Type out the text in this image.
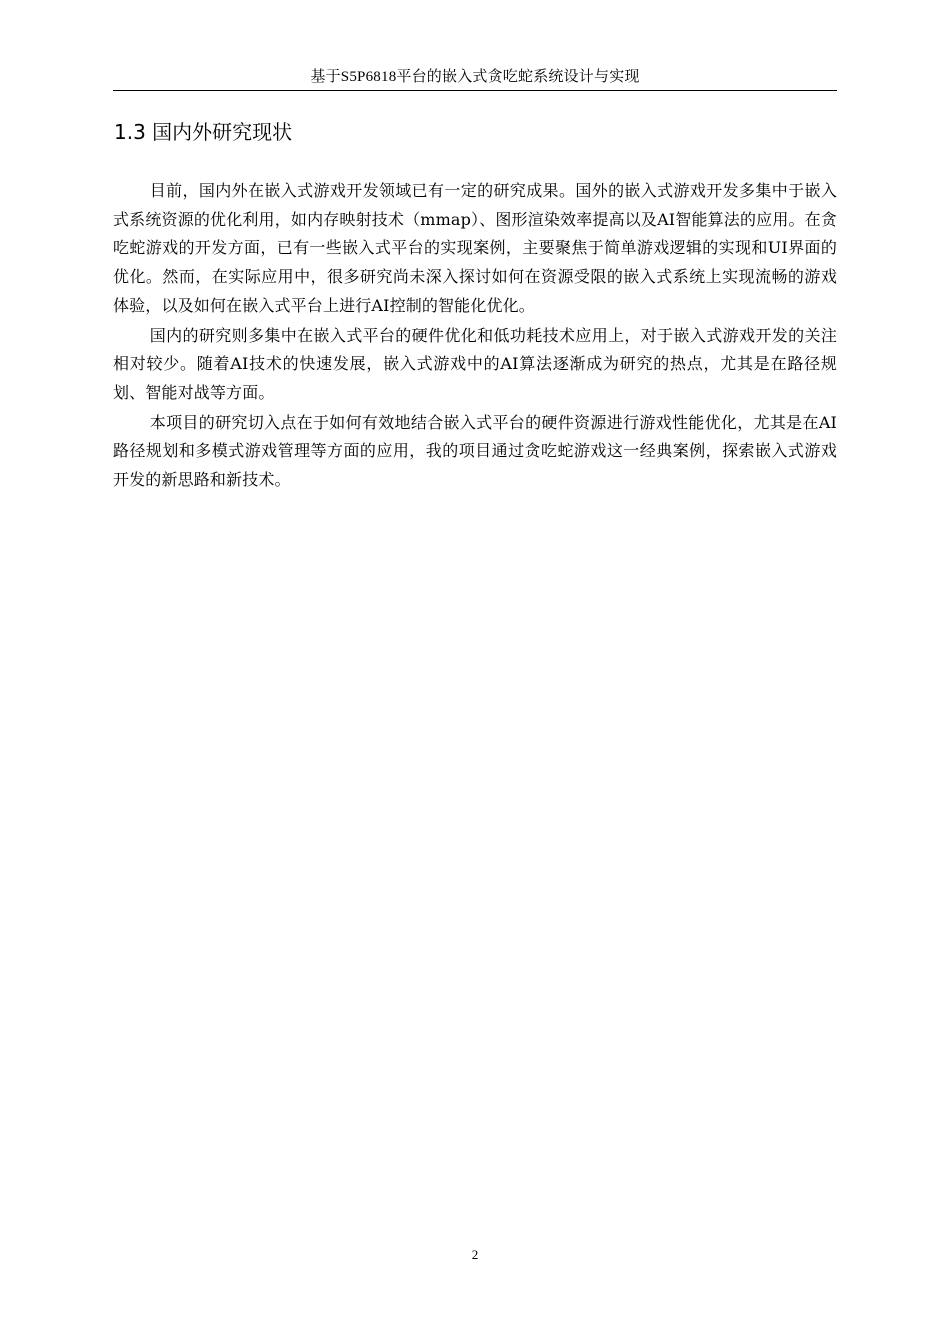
基于S5P6818平台的嵌入式贪吃蛇系统设计与实现
1.3 国内外研究现状

目前，国内外在嵌入式游戏开发领域已有一定的研究成果。国外的嵌入式游戏开发多集中于嵌入式系统资源的优化利用，如内存映射技术（mmap）、图形渲染效率提高以及AI智能算法的应用。在贪吃蛇游戏的开发方面，已有一些嵌入式平台的实现案例，主要聚焦于简单游戏逻辑的实现和UI界面的优化。然而，在实际应用中，很多研究尚未深入探讨如何在资源受限的嵌入式系统上实现流畅的游戏体验，以及如何在嵌入式平台上进行AI控制的智能化优化。

国内的研究则多集中在嵌入式平台的硬件优化和低功耗技术应用上，对于嵌入式游戏开发的关注相对较少。随着AI技术的快速发展，嵌入式游戏中的AI算法逐渐成为研究的热点，尤其是在路径规划、智能对战等方面。

本项目的研究切入点在于如何有效地结合嵌入式平台的硬件资源进行游戏性能优化，尤其是在AI路径规划和多模式游戏管理等方面的应用，我的项目通过贪吃蛇游戏这一经典案例，探索嵌入式游戏开发的新思路和新技术。

2
